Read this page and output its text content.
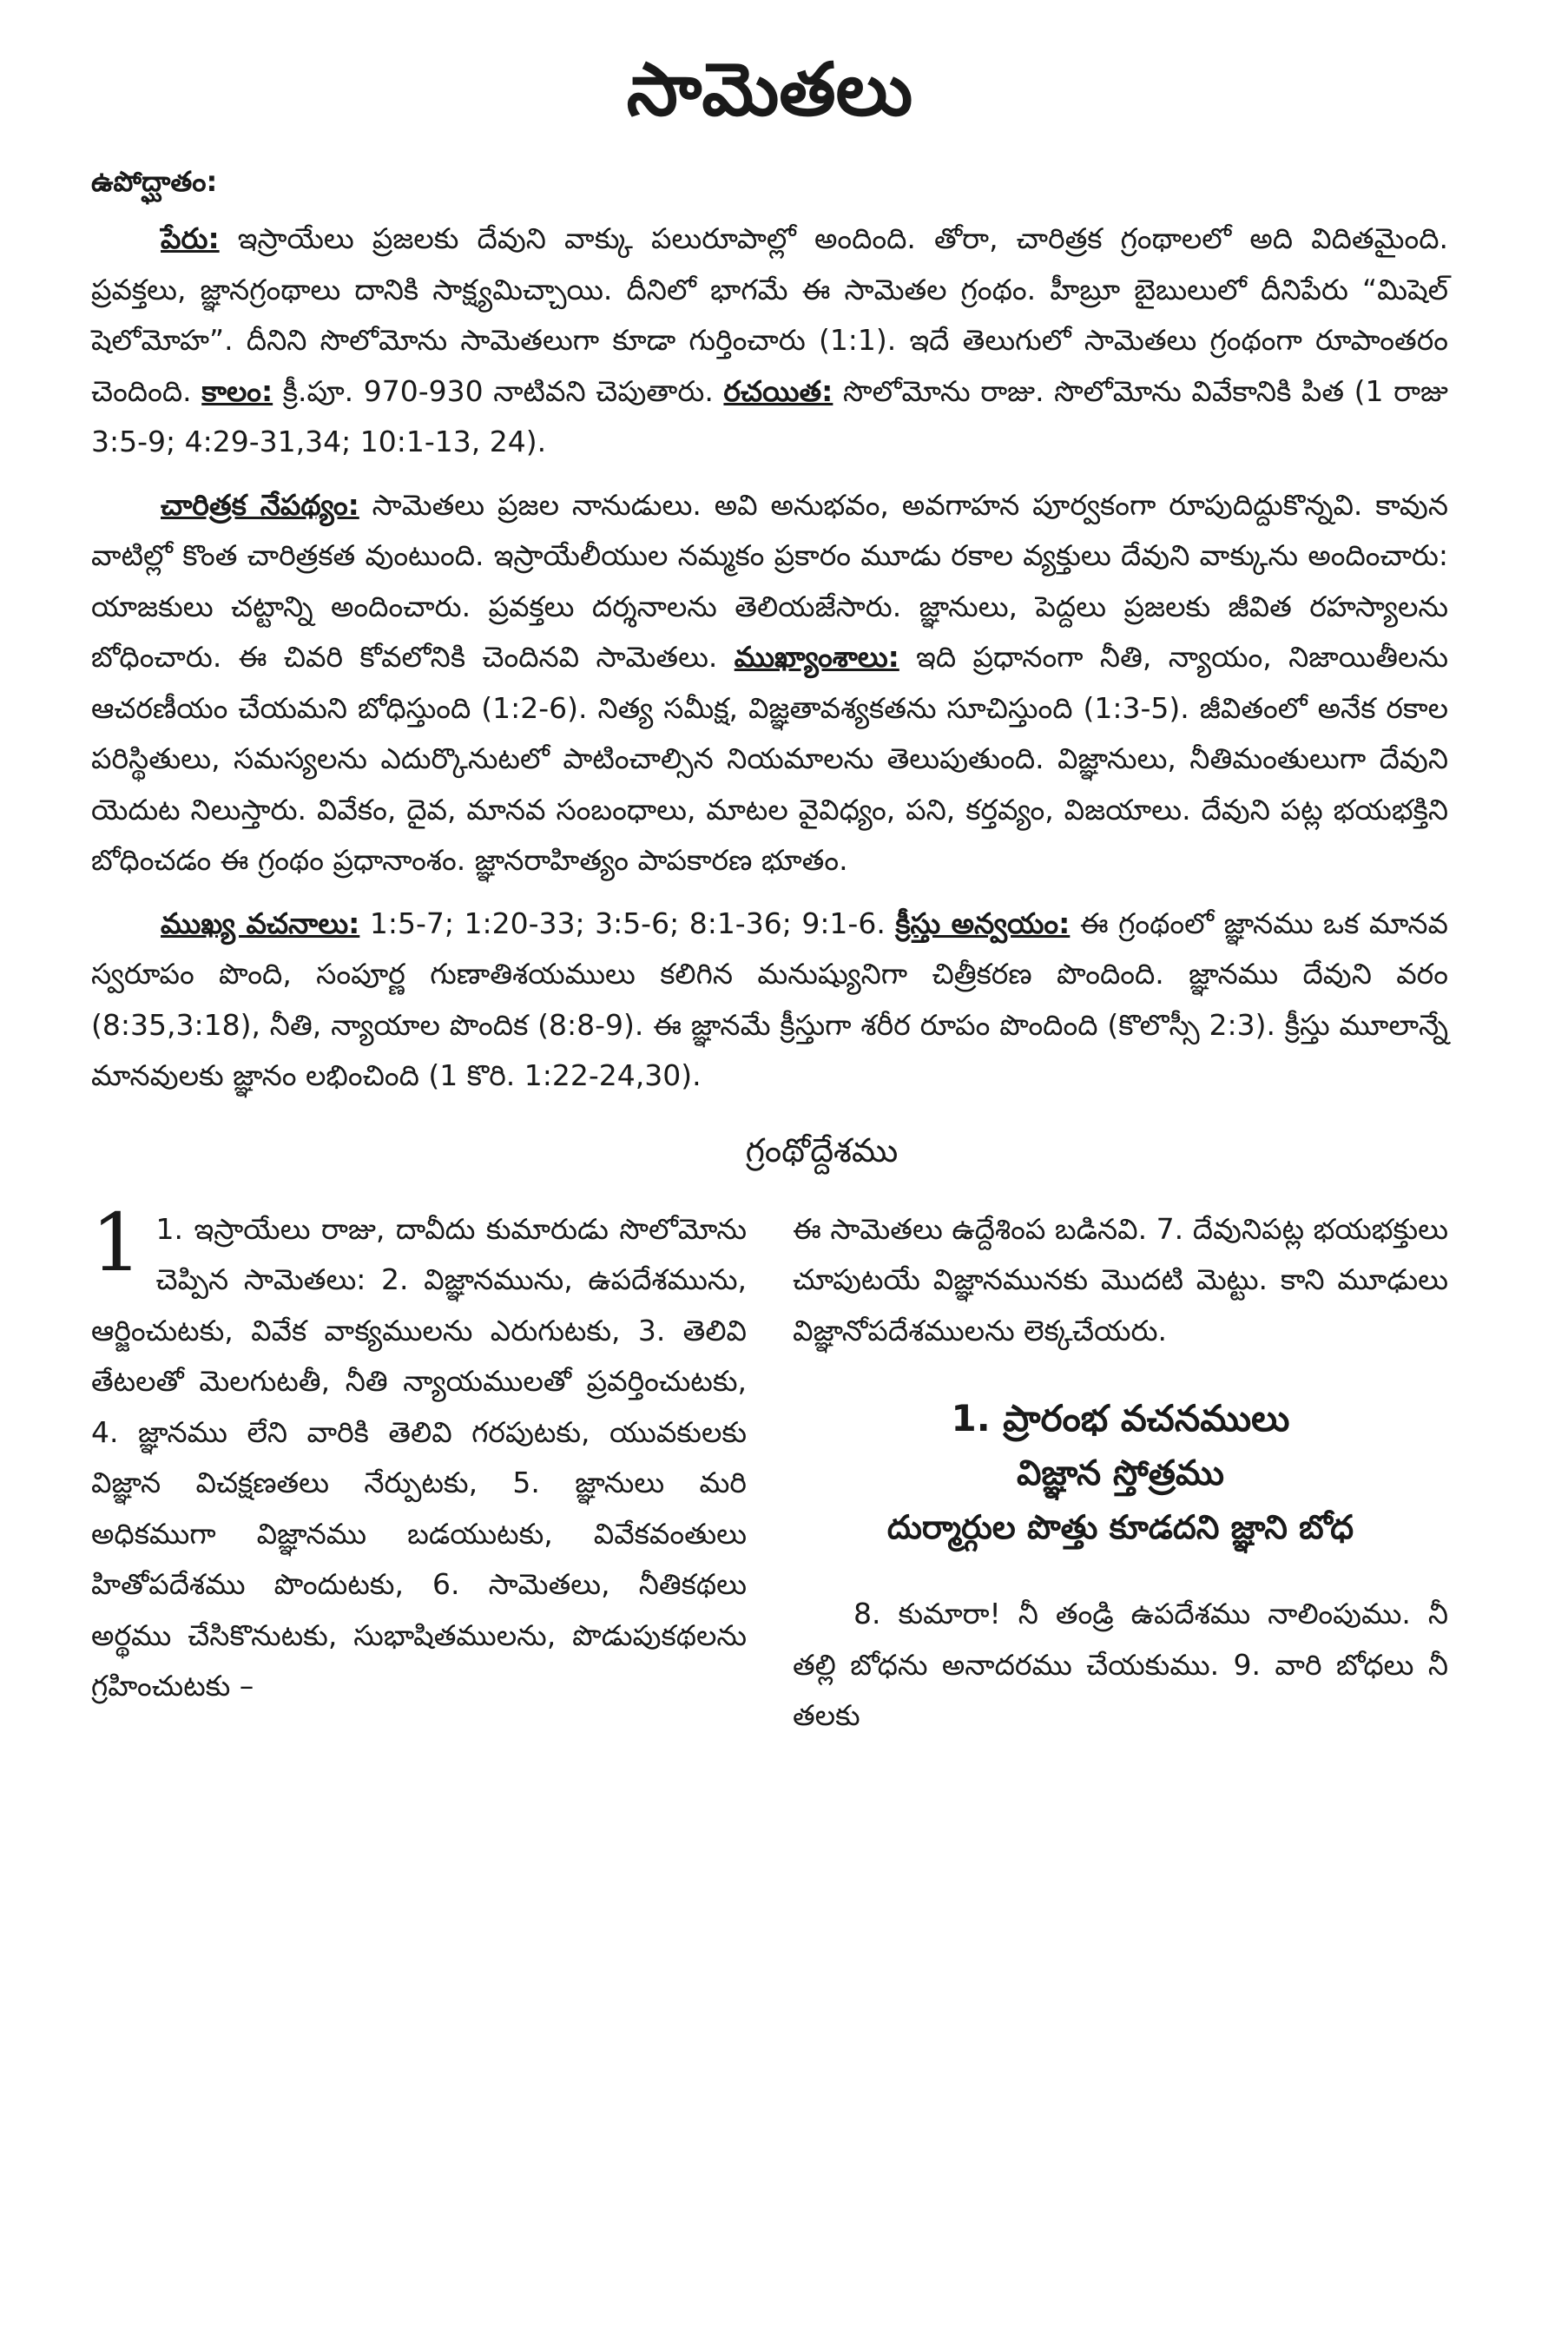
సామెతలు
ఉపోద్ఘాతం:

పేరు: ఇస్రాయేలు ప్రజలకు దేవుని వాక్కు పలురూపాల్లో అందింది. తోరా, చారిత్రక గ్రంథాలలో అది విదితమైంది. ప్రవక్తలు, జ్ఞానగ్రంథాలు దానికి సాక్ష్యమిచ్చాయి. దీనిలో భాగమే ఈ సామెతల గ్రంథం. హీబ్రూ బైబులులో దీనిపేరు “మిషెల్ షెలోమోహ”. దీనిని సొలోమోను సామెతలుగా కూడా గుర్తించారు (1:1). ఇదే తెలుగులో సామెతలు గ్రంథంగా రూపాంతరం చెందింది. కాలం: క్రీ.పూ. 970-930 నాటివని చెపుతారు. రచయిత: సొలోమోను రాజు. సొలోమోను వివేకానికి పిత (1 రాజు 3:5-9; 4:29-31,34; 10:1-13, 24).

చారిత్రక నేపథ్యం: సామెతలు ప్రజల నానుడులు. అవి అనుభవం, అవగాహన పూర్వకంగా రూపుదిద్దుకొన్నవి. కావున వాటిల్లో కొంత చారిత్రకత వుంటుంది. ఇస్రాయేలీయుల నమ్మకం ప్రకారం మూడు రకాల వ్యక్తులు దేవుని వాక్కును అందించారు: యాజకులు చట్టాన్ని అందించారు. ప్రవక్తలు దర్శనాలను తెలియజేసారు. జ్ఞానులు, పెద్దలు ప్రజలకు జీవిత రహస్యాలను బోధించారు. ఈ చివరి కోవలోనికి చెందినవి సామెతలు. ముఖ్యాంశాలు: ఇది ప్రధానంగా నీతి, న్యాయం, నిజాయితీలను ఆచరణీయం చేయమని బోధిస్తుంది (1:2-6). నిత్య సమీక్ష, విజ్ఞతావశ్యకతను సూచిస్తుంది (1:3-5). జీవితంలో అనేక రకాల పరిస్థితులు, సమస్యలను ఎదుర్కొనుటలో పాటించాల్సిన నియమాలను తెలుపుతుంది. విజ్ఞానులు, నీతిమంతులుగా దేవుని యెదుట నిలుస్తారు. వివేకం, దైవ, మానవ సంబంధాలు, మాటల వైవిధ్యం, పని, కర్తవ్యం, విజయాలు. దేవుని పట్ల భయభక్తిని బోధించడం ఈ గ్రంథం ప్రధానాంశం. జ్ఞానరాహిత్యం పాపకారణ భూతం.

ముఖ్య వచనాలు: 1:5-7; 1:20-33; 3:5-6; 8:1-36; 9:1-6. క్రీస్తు అన్వయం: ఈ గ్రంథంలో జ్ఞానము ఒక మానవ స్వరూపం పొంది, సంపూర్ణ గుణాతిశయములు కలిగిన మనుష్యునిగా చిత్రీకరణ పొందింది. జ్ఞానము దేవుని వరం (8:35,3:18), నీతి, న్యాయాల పొందిక (8:8-9). ఈ జ్ఞానమే క్రీస్తుగా శరీర రూపం పొందింది (కొలొస్సీ 2:3). క్రీస్తు మూలాన్నే మానవులకు జ్ఞానం లభించింది (1 కొరి. 1:22-24,30).

గ్రంథోద్దేశము

1 1. ఇస్రాయేలు రాజు, దావీదు కుమారుడు సొలోమోను చెప్పిన సామెతలు: 2. విజ్ఞానమును, ఉపదేశమును, ఆర్జించుటకు, వివేక వాక్యములను ఎరుగుటకు, 3. తెలివి తేటలతో మెలగుటతీ, నీతి న్యాయములతో ప్రవర్తించుటకు, 4. జ్ఞానము లేని వారికి తెలివి గరపుటకు, యువకులకు విజ్ఞాన విచక్షణతలు నేర్పుటకు, 5. జ్ఞానులు మరి అధికముగా విజ్ఞానము బడయుటకు, వివేకవంతులు హితోపదేశము పొందుటకు, 6. సామెతలు, నీతికథలు అర్థము చేసికొనుటకు, సుభాషితములను, పొడుపుకథలను గ్రహించుటకు –

ఈ సామెతలు ఉద్దేశింప బడినవి. 7. దేవునిపట్ల భయభక్తులు చూపుటయే విజ్ఞానమునకు మొదటి మెట్టు. కాని మూఢులు విజ్ఞానోపదేశములను లెక్కచేయరు.

1. ప్రారంభ వచనములు
విజ్ఞాన స్తోత్రము
దుర్మార్గుల పొత్తు కూడదని జ్ఞాని బోధ

8. కుమారా! నీ తండ్రి ఉపదేశము నాలింపుము. నీ తల్లి బోధను అనాదరము చేయకుము. 9. వారి బోధలు నీ తలకు
